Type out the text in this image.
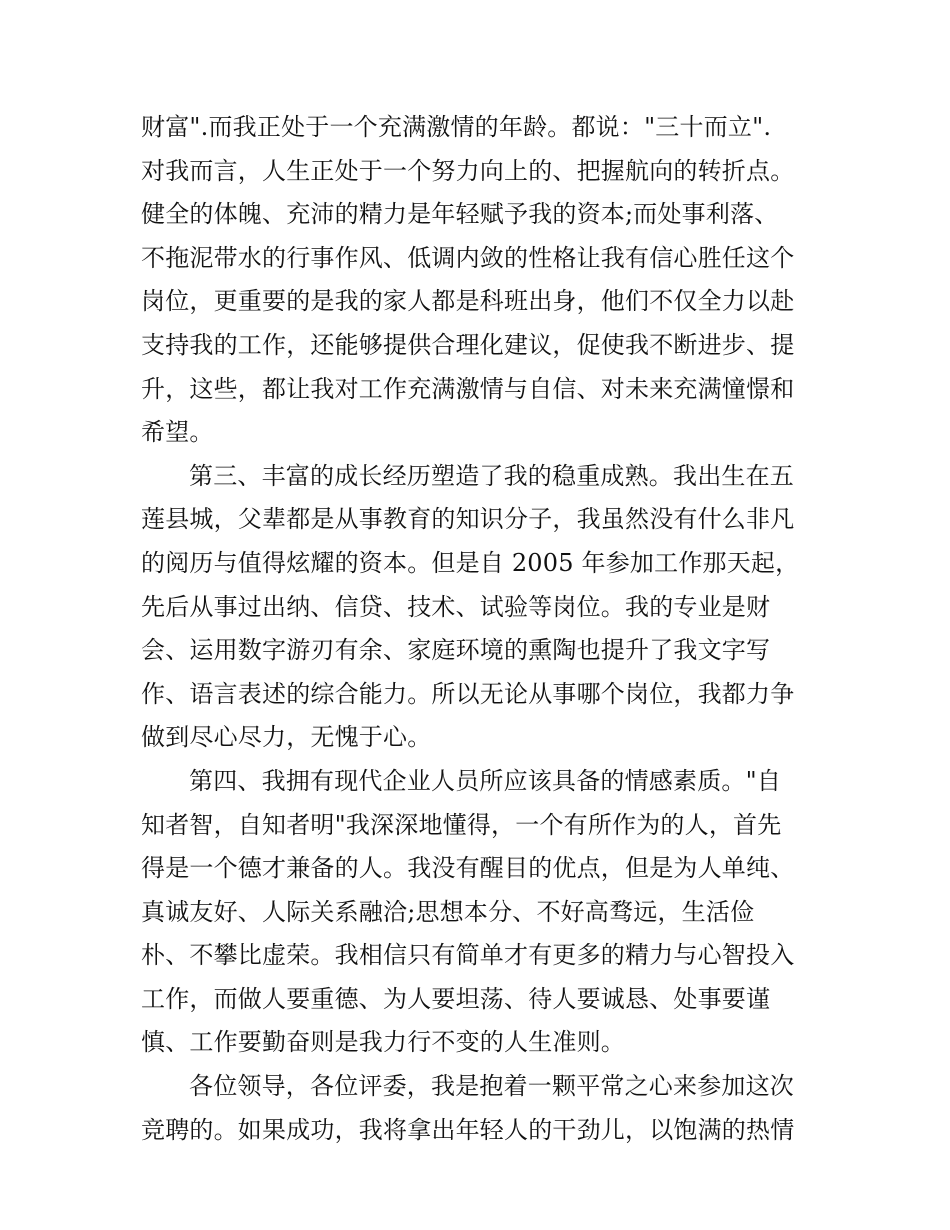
财富".而我正处于一个充满激情的年龄。都说："三十而立".
对我而言，人生正处于一个努力向上的、把握航向的转折点。
健全的体魄、充沛的精力是年轻赋予我的资本;而处事利落、
不拖泥带水的行事作风、低调内敛的性格让我有信心胜任这个
岗位，更重要的是我的家人都是科班出身，他们不仅全力以赴
支持我的工作，还能够提供合理化建议，促使我不断进步、提
升，这些，都让我对工作充满激情与自信、对未来充满憧憬和
希望。
第三、丰富的成长经历塑造了我的稳重成熟。我出生在五
莲县城，父辈都是从事教育的知识分子，我虽然没有什么非凡
的阅历与值得炫耀的资本。但是自 2005 年参加工作那天起，
先后从事过出纳、信贷、技术、试验等岗位。我的专业是财
会、运用数字游刃有余、家庭环境的熏陶也提升了我文字写
作、语言表述的综合能力。所以无论从事哪个岗位，我都力争
做到尽心尽力，无愧于心。
第四、我拥有现代企业人员所应该具备的情感素质。"自
知者智，自知者明"我深深地懂得，一个有所作为的人，首先
得是一个德才兼备的人。我没有醒目的优点，但是为人单纯、
真诚友好、人际关系融洽;思想本分、不好高骛远，生活俭
朴、不攀比虚荣。我相信只有简单才有更多的精力与心智投入
工作，而做人要重德、为人要坦荡、待人要诚恳、处事要谨
慎、工作要勤奋则是我力行不变的人生准则。
各位领导，各位评委，我是抱着一颗平常之心来参加这次
竞聘的。如果成功，我将拿出年轻人的干劲儿，以饱满的热情
